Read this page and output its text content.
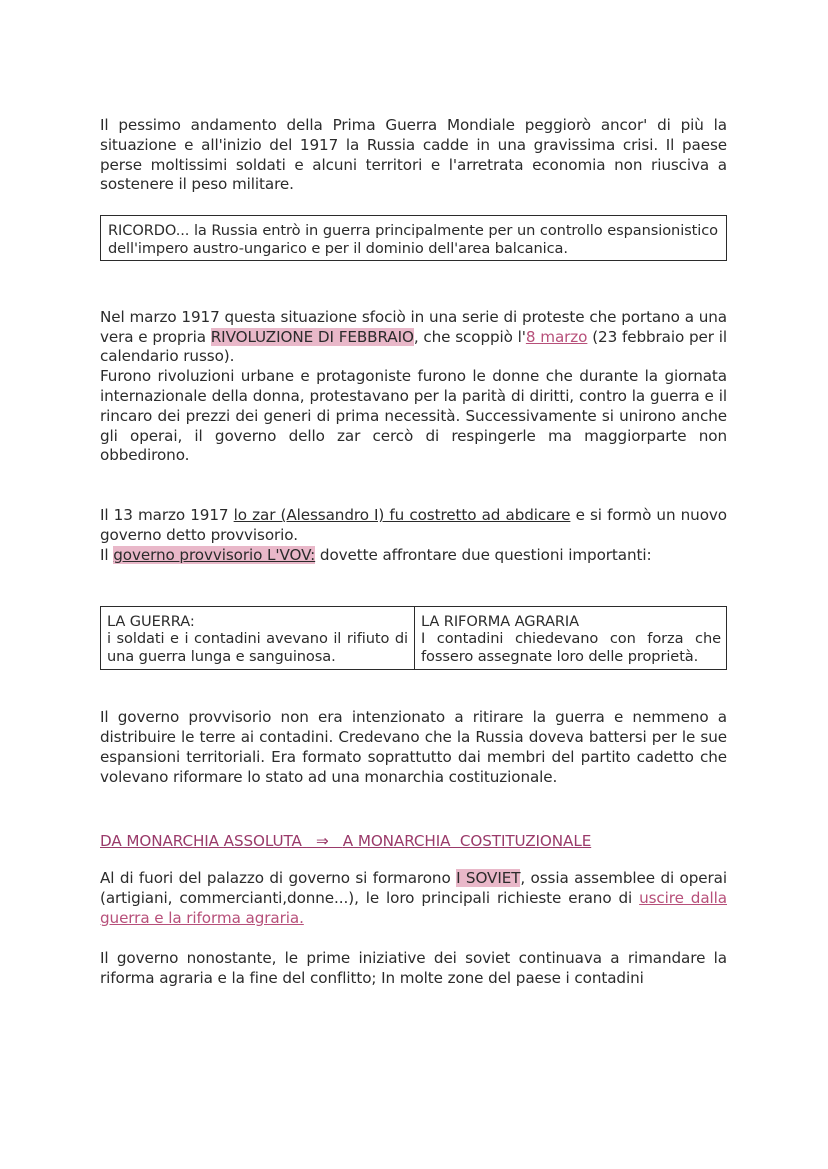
Il pessimo andamento della Prima Guerra Mondiale peggiorò ancor' di più la situazione e all'inizio del 1917 la Russia cadde in una gravissima crisi. Il paese perse moltissimi soldati e alcuni territori e l'arretrata economia non riusciva a sostenere il peso militare.

RICORDO... la Russia entrò in guerra principalmente per un controllo espansionistico dell'impero austro-ungarico e per il dominio dell'area balcanica.

Nel marzo 1917 questa situazione sfociò in una serie di proteste che portano a una vera e propria RIVOLUZIONE DI FEBBRAIO, che scoppiò l'8 marzo (23 febbraio per il calendario russo).

Furono rivoluzioni urbane e protagoniste furono le donne che durante la giornata internazionale della donna, protestavano per la parità di diritti, contro la guerra e il rincaro dei prezzi dei generi di prima necessità. Successivamente si unirono anche gli operai, il governo dello zar cercò di respingerle ma maggiorparte non obbedirono.

Il 13 marzo 1917 lo zar (Alessandro I) fu costretto ad abdicare e si formò un nuovo governo detto provvisorio.

Il governo provvisorio L'VOV: dovette affrontare due questioni importanti:

LA GUERRA:
i soldati e i contadini avevano il rifiuto di una guerra lunga e sanguinosa.
LA RIFORMA AGRARIA
I contadini chiedevano con forza che fossero assegnate loro delle proprietà.

Il governo provvisorio non era intenzionato a ritirare la guerra e nemmeno a distribuire le terre ai contadini. Credevano che la Russia doveva battersi per le sue espansioni territoriali. Era formato soprattutto dai membri del partito cadetto che volevano riformare lo stato ad una monarchia costituzionale.

DA MONARCHIA ASSOLUTA   ⇒   A MONARCHIA  COSTITUZIONALE

Al di fuori del palazzo di governo si formarono I SOVIET, ossia assemblee di operai (artigiani, commercianti,donne...), le loro principali richieste erano di uscire dalla guerra e la riforma agraria.

Il governo nonostante, le prime iniziative dei soviet continuava a rimandare la riforma agraria e la fine del conflitto; In molte zone del paese i contadini
